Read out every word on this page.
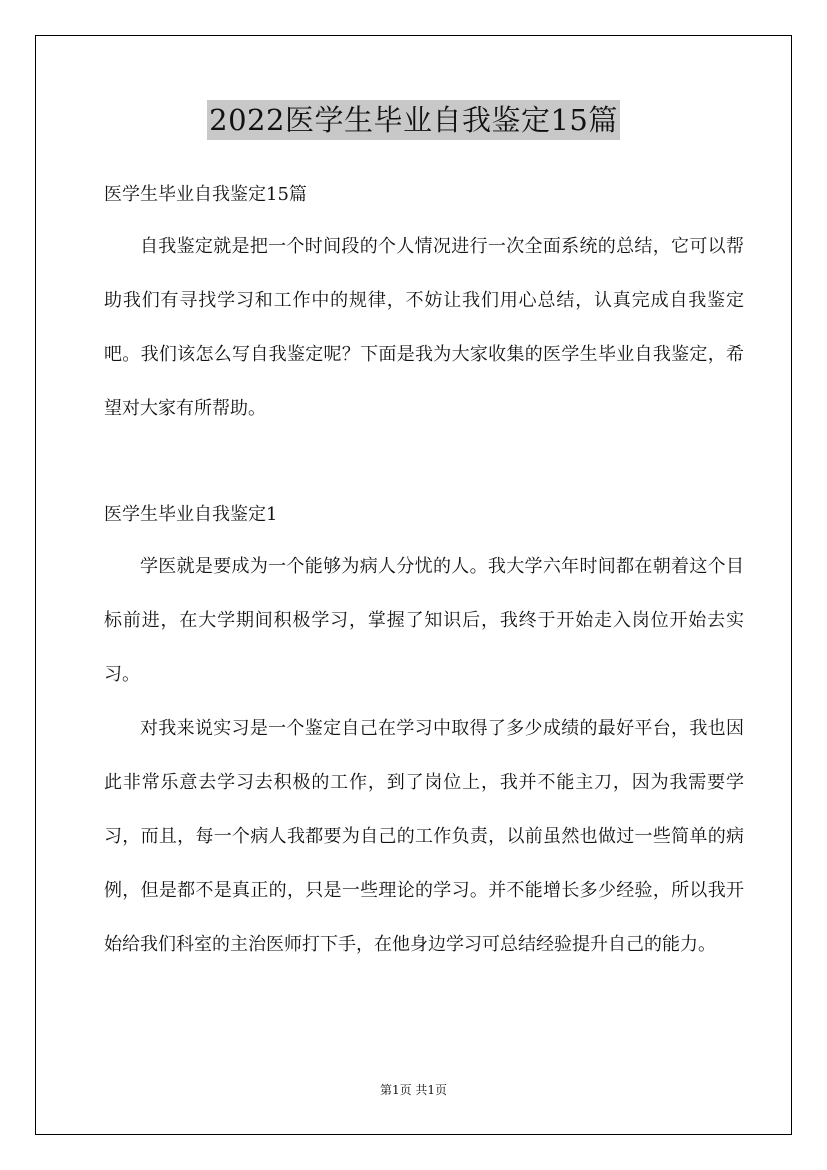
2022医学生毕业自我鉴定15篇

医学生毕业自我鉴定15篇

自我鉴定就是把一个时间段的个人情况进行一次全面系统的总结，它可以帮助我们有寻找学习和工作中的规律，不妨让我们用心总结，认真完成自我鉴定吧。我们该怎么写自我鉴定呢？下面是我为大家收集的医学生毕业自我鉴定，希望对大家有所帮助。

医学生毕业自我鉴定1

学医就是要成为一个能够为病人分忧的人。我大学六年时间都在朝着这个目标前进，在大学期间积极学习，掌握了知识后，我终于开始走入岗位开始去实习。

对我来说实习是一个鉴定自己在学习中取得了多少成绩的最好平台，我也因此非常乐意去学习去积极的工作，到了岗位上，我并不能主刀，因为我需要学习，而且，每一个病人我都要为自己的工作负责，以前虽然也做过一些简单的病例，但是都不是真正的，只是一些理论的学习。并不能增长多少经验，所以我开始给我们科室的主治医师打下手，在他身边学习可总结经验提升自己的能力。

第1页 共1页
